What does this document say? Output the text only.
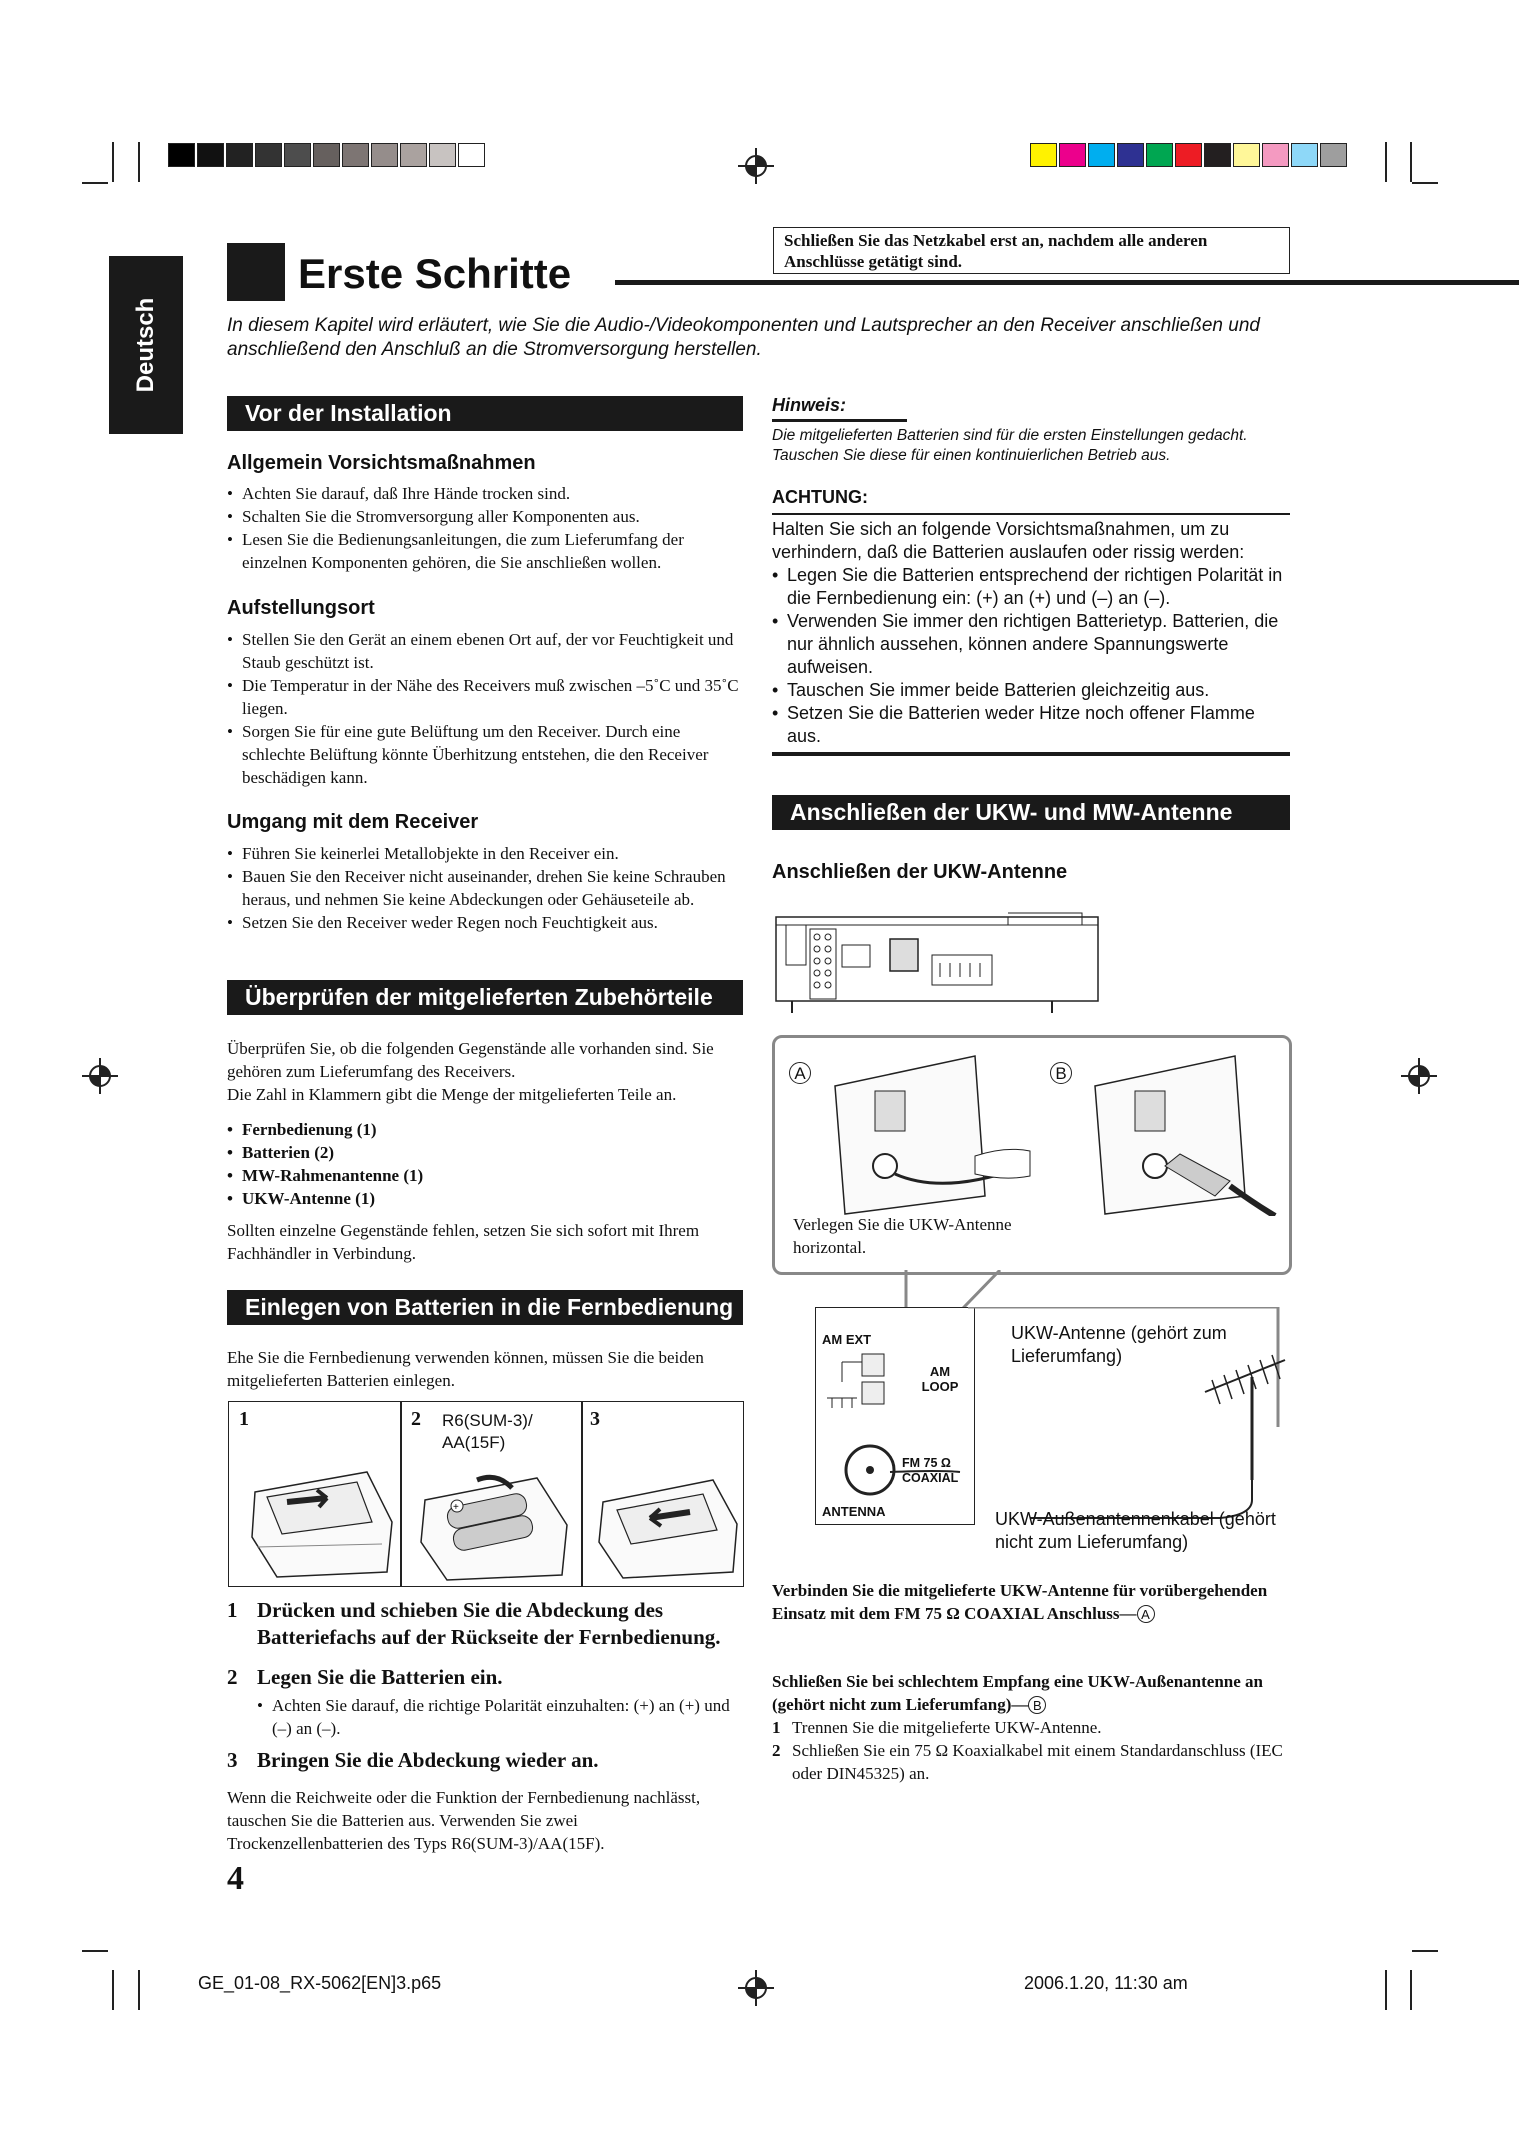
Deutsch
Erste Schritte
Schließen Sie das Netzkabel erst an, nachdem alle anderen Anschlüsse getätigt sind.
In diesem Kapitel wird erläutert, wie Sie die Audio-/Videokomponenten und Lautsprecher an den Receiver anschließen und anschließend den Anschluß an die Stromversorgung herstellen.
Vor der Installation
Allgemein Vorsichtsmaßnahmen
• Achten Sie darauf, daß Ihre Hände trocken sind.
• Schalten Sie die Stromversorgung aller Komponenten aus.
• Lesen Sie die Bedienungsanleitungen, die zum Lieferumfang der einzelnen Komponenten gehören, die Sie anschließen wollen.
Aufstellungsort
• Stellen Sie den Gerät an einem ebenen Ort auf, der vor Feuchtigkeit und Staub geschützt ist.
• Die Temperatur in der Nähe des Receivers muß zwischen –5˚C und 35˚C liegen.
• Sorgen Sie für eine gute Belüftung um den Receiver. Durch eine schlechte Belüftung könnte Überhitzung entstehen, die den Receiver beschädigen kann.
Umgang mit dem Receiver
• Führen Sie keinerlei Metallobjekte in den Receiver ein.
• Bauen Sie den Receiver nicht auseinander, drehen Sie keine Schrauben heraus, und nehmen Sie keine Abdeckungen oder Gehäuseteile ab.
• Setzen Sie den Receiver weder Regen noch Feuchtigkeit aus.
Überprüfen der mitgelieferten Zubehörteile
Überprüfen Sie, ob die folgenden Gegenstände alle vorhanden sind. Sie gehören zum Lieferumfang des Receivers.
Die Zahl in Klammern gibt die Menge der mitgelieferten Teile an.
• Fernbedienung (1)
• Batterien (2)
• MW-Rahmenantenne (1)
• UKW-Antenne (1)
Sollten einzelne Gegenstände fehlen, setzen Sie sich sofort mit Ihrem Fachhändler in Verbindung.
Einlegen von Batterien in die Fernbedienung
Ehe Sie die Fernbedienung verwenden können, müssen Sie die beiden mitgelieferten Batterien einlegen.
1	2 R6(SUM-3)/ AA(15F)
3
+
1 Drücken und schieben Sie die Abdeckung des Batteriefachs auf der Rückseite der Fernbedienung.
2 Legen Sie die Batterien ein.
• Achten Sie darauf, die richtige Polarität einzuhalten: (+) an (+) und (–) an (–).
3 Bringen Sie die Abdeckung wieder an.
Wenn die Reichweite oder die Funktion der Fernbedienung nachlässt, tauschen Sie die Batterien aus. Verwenden Sie zwei Trockenzellenbatterien des Typs R6(SUM-3)/AA(15F).
4
Hinweis:
Die mitgelieferten Batterien sind für die ersten Einstellungen gedacht. Tauschen Sie diese für einen kontinuierlichen Betrieb aus.
ACHTUNG:
Halten Sie sich an folgende Vorsichtsmaßnahmen, um zu verhindern, daß die Batterien auslaufen oder rissig werden:
• Legen Sie die Batterien entsprechend der richtigen Polarität in die Fernbedienung ein: (+) an (+) und (–) an (–).
• Verwenden Sie immer den richtigen Batterietyp. Batterien, die nur ähnlich aussehen, können andere Spannungswerte aufweisen.
• Tauschen Sie immer beide Batterien gleichzeitig aus.
• Setzen Sie die Batterien weder Hitze noch offener Flamme aus.
Anschließen der UKW- und MW-Antenne
Anschließen der UKW-Antenne
A	B
Verlegen Sie die UKW-Antenne horizontal.
AM EXT
AM LOOP
FM 75 Ω COAXIAL
ANTENNA
UKW-Antenne (gehört zum Lieferumfang)
UKW-Außenantennenkabel (gehört nicht zum Lieferumfang)
Verbinden Sie die mitgelieferte UKW-Antenne für vorübergehenden Einsatz mit dem FM 75 Ω COAXIAL Anschluss— A
Schließen Sie bei schlechtem Empfang eine UKW-Außenantenne an (gehört nicht zum Lieferumfang)— B
1 Trennen Sie die mitgelieferte UKW-Antenne.
2 Schließen Sie ein 75 Ω Koaxialkabel mit einem Standardanschluss (IEC oder DIN45325) an.
GE_01-08_RX-5062[EN]3.p65	2006.1.20, 11:30 am
